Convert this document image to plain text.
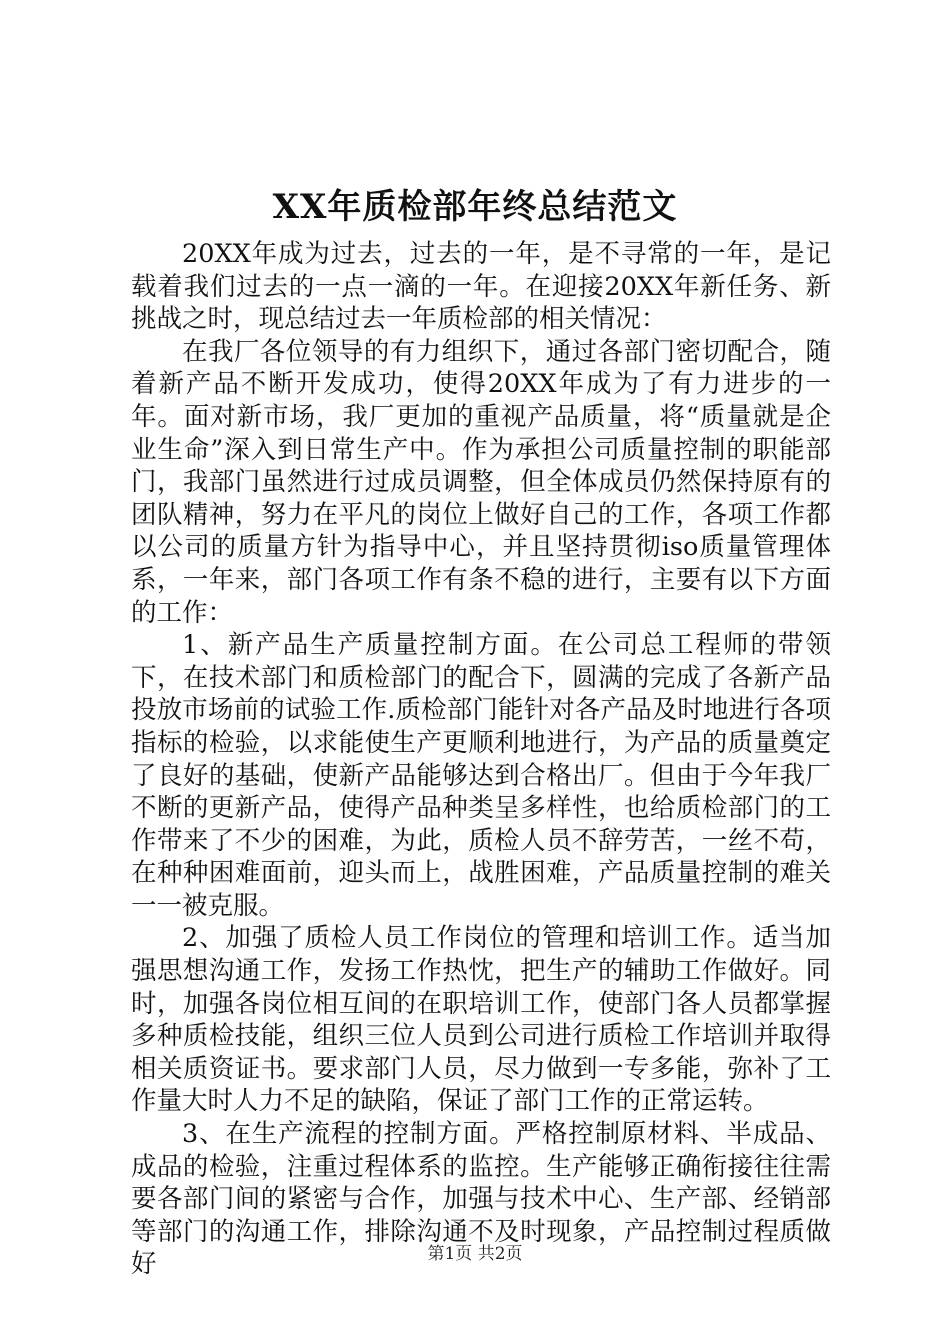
XX年质检部年终总结范文

20XX年成为过去，过去的一年，是不寻常的一年，是记载着我们过去的一点一滴的一年。在迎接20XX年新任务、新挑战之时，现总结过去一年质检部的相关情况：

在我厂各位领导的有力组织下，通过各部门密切配合，随着新产品不断开发成功，使得20XX年成为了有力进步的一年。面对新市场，我厂更加的重视产品质量，将“质量就是企业生命”深入到日常生产中。作为承担公司质量控制的职能部门，我部门虽然进行过成员调整，但全体成员仍然保持原有的团队精神，努力在平凡的岗位上做好自己的工作，各项工作都以公司的质量方针为指导中心，并且坚持贯彻iso质量管理体系，一年来，部门各项工作有条不稳的进行，主要有以下方面的工作：

1、新产品生产质量控制方面。在公司总工程师的带领下，在技术部门和质检部门的配合下，圆满的完成了各新产品投放市场前的试验工作.质检部门能针对各产品及时地进行各项指标的检验，以求能使生产更顺利地进行，为产品的质量奠定了良好的基础，使新产品能够达到合格出厂。但由于今年我厂不断的更新产品，使得产品种类呈多样性，也给质检部门的工作带来了不少的困难，为此，质检人员不辞劳苦，一丝不苟，在种种困难面前，迎头而上，战胜困难，产品质量控制的难关一一被克服。

2、加强了质检人员工作岗位的管理和培训工作。适当加强思想沟通工作，发扬工作热忱，把生产的辅助工作做好。同时，加强各岗位相互间的在职培训工作，使部门各人员都掌握多种质检技能，组织三位人员到公司进行质检工作培训并取得相关质资证书。要求部门人员，尽力做到一专多能，弥补了工作量大时人力不足的缺陷，保证了部门工作的正常运转。

3、在生产流程的控制方面。严格控制原材料、半成品、成品的检验，注重过程体系的监控。生产能够正确衔接往往需要各部门间的紧密与合作，加强与技术中心、生产部、经销部等部门的沟通工作，排除沟通不及时现象，产品控制过程质做好	第1页 共2页
